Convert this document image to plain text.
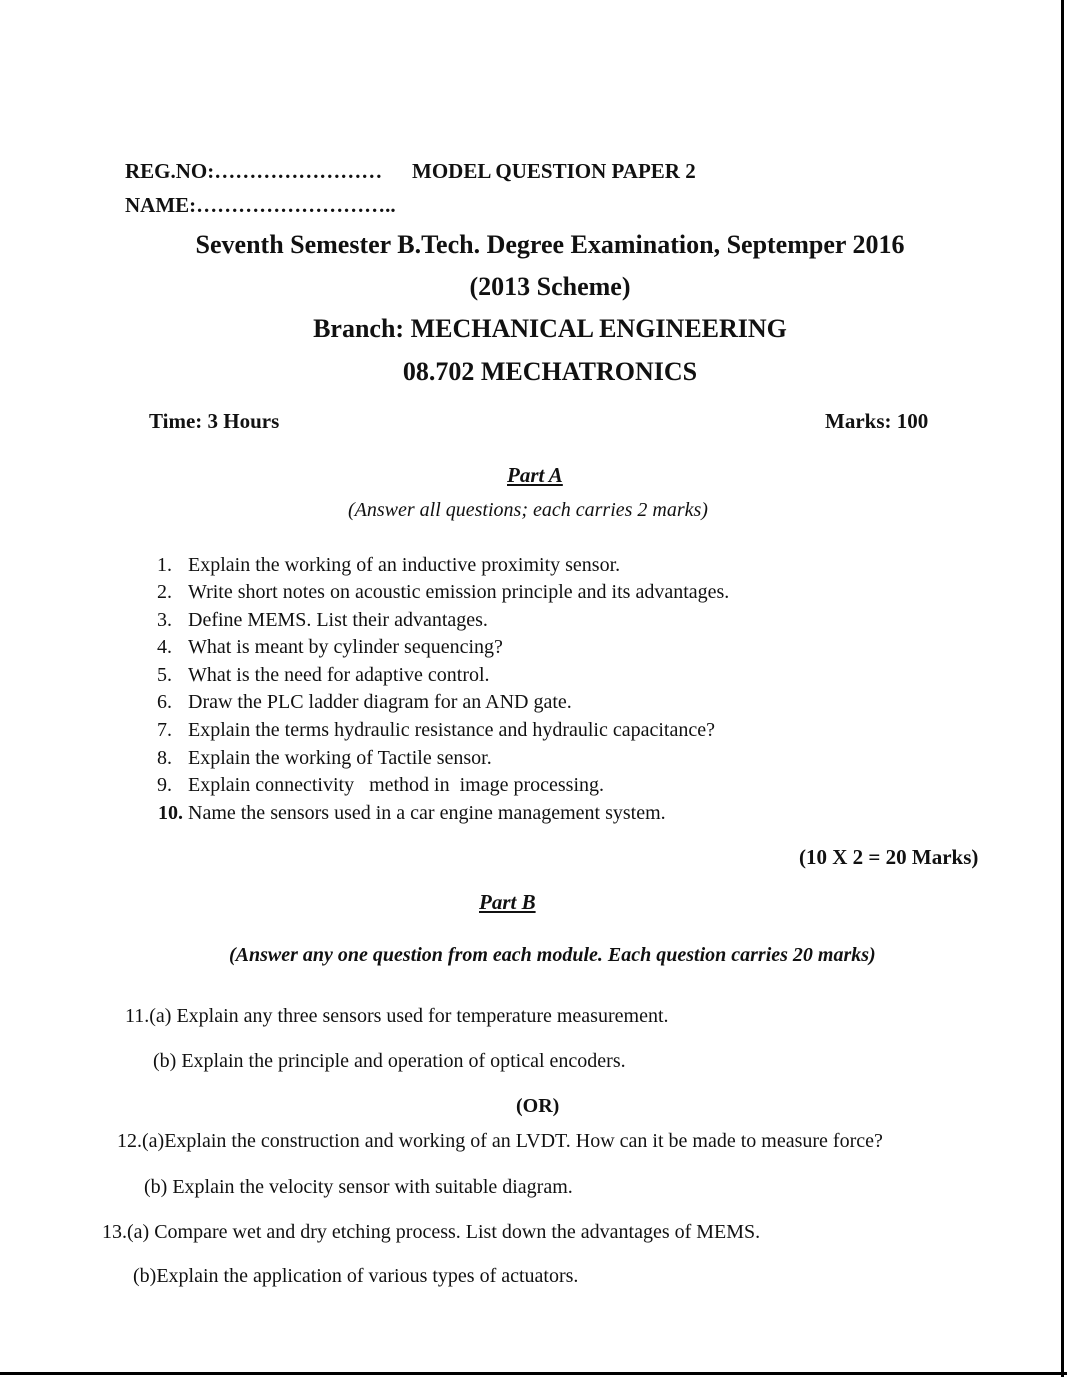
REG.NO:…………………… MODEL QUESTION PAPER 2
NAME:………………………..
Seventh Semester B.Tech. Degree Examination, Septemper 2016
(2013 Scheme)
Branch: MECHANICAL ENGINEERING
08.702 MECHATRONICS
Time: 3 Hours	Marks: 100
Part A
(Answer all questions; each carries 2 marks)
1. Explain the working of an inductive proximity sensor.
2. Write short notes on acoustic emission principle and its advantages.
3. Define MEMS. List their advantages.
4. What is meant by cylinder sequencing?
5. What is the need for adaptive control.
6. Draw the PLC ladder diagram for an AND gate.
7. Explain the terms hydraulic resistance and hydraulic capacitance?
8. Explain the working of Tactile sensor.
9. Explain connectivity   method in  image processing.
10. Name the sensors used in a car engine management system.
(10 X 2 = 20 Marks)
Part B
(Answer any one question from each module. Each question carries 20 marks)
11.(a) Explain any three sensors used for temperature measurement.
(b) Explain the principle and operation of optical encoders.
(OR)
12.(a)Explain the construction and working of an LVDT. How can it be made to measure force?
(b) Explain the velocity sensor with suitable diagram.
13.(a) Compare wet and dry etching process. List down the advantages of MEMS.
(b)Explain the application of various types of actuators.
